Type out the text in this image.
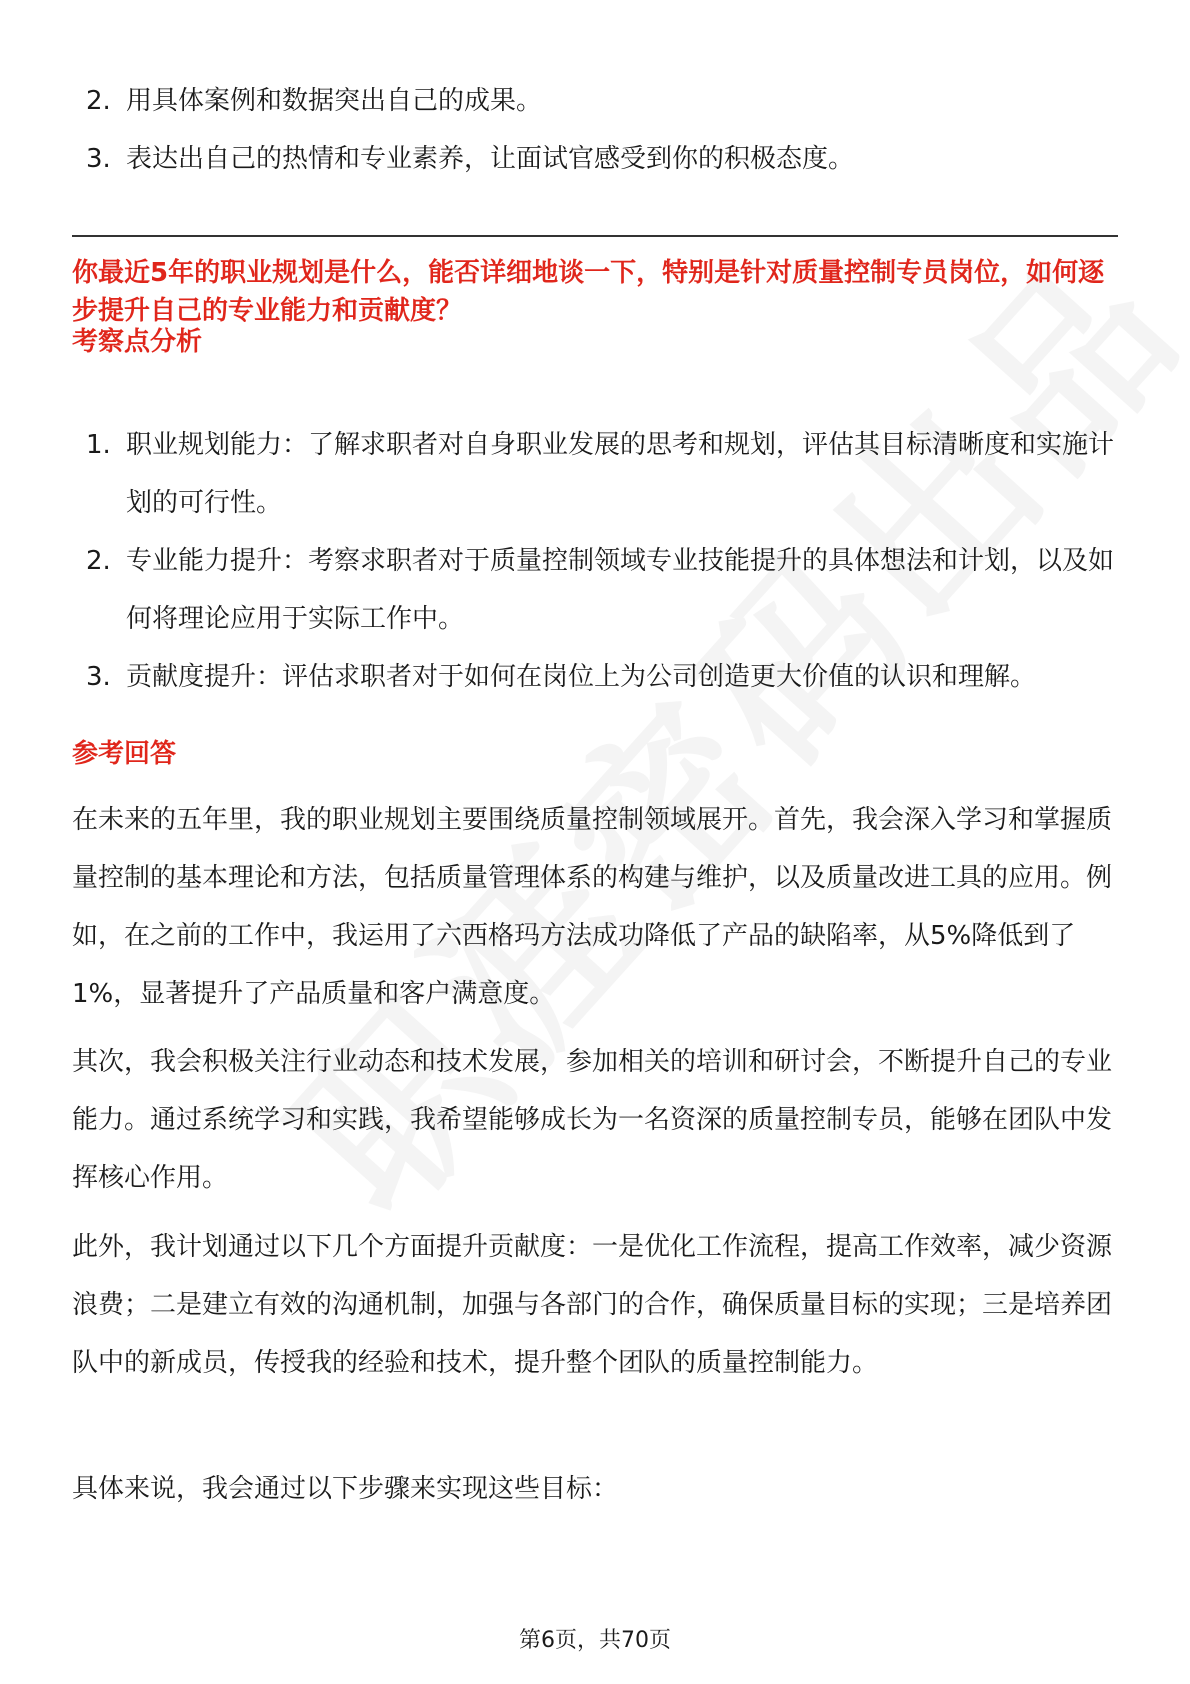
2. 用具体案例和数据突出自己的成果。
3. 表达出自己的热情和专业素养，让面试官感受到你的积极态度。

你最近5年的职业规划是什么，能否详细地谈一下，特别是针对质量控制专员岗位，如何逐步提升自己的专业能力和贡献度？

考察点分析
1. 职业规划能力：了解求职者对自身职业发展的思考和规划，评估其目标清晰度和实施计划的可行性。
2. 专业能力提升：考察求职者对于质量控制领域专业技能提升的具体想法和计划，以及如何将理论应用于实际工作中。
3. 贡献度提升：评估求职者对于如何在岗位上为公司创造更大价值的认识和理解。
参考回答

在未来的五年里，我的职业规划主要围绕质量控制领域展开。首先，我会深入学习和掌握质量控制的基本理论和方法，包括质量管理体系的构建与维护，以及质量改进工具的应用。例如，在之前的工作中，我运用了六西格玛方法成功降低了产品的缺陷率，从5%降低到了1%，显著提升了产品质量和客户满意度。

其次，我会积极关注行业动态和技术发展，参加相关的培训和研讨会，不断提升自己的专业能力。通过系统学习和实践，我希望能够成长为一名资深的质量控制专员，能够在团队中发挥核心作用。

此外，我计划通过以下几个方面提升贡献度：一是优化工作流程，提高工作效率，减少资源浪费；二是建立有效的沟通机制，加强与各部门的合作，确保质量目标的实现；三是培养团队中的新成员，传授我的经验和技术，提升整个团队的质量控制能力。

具体来说，我会通过以下步骤来实现这些目标：

第6页，共70页
